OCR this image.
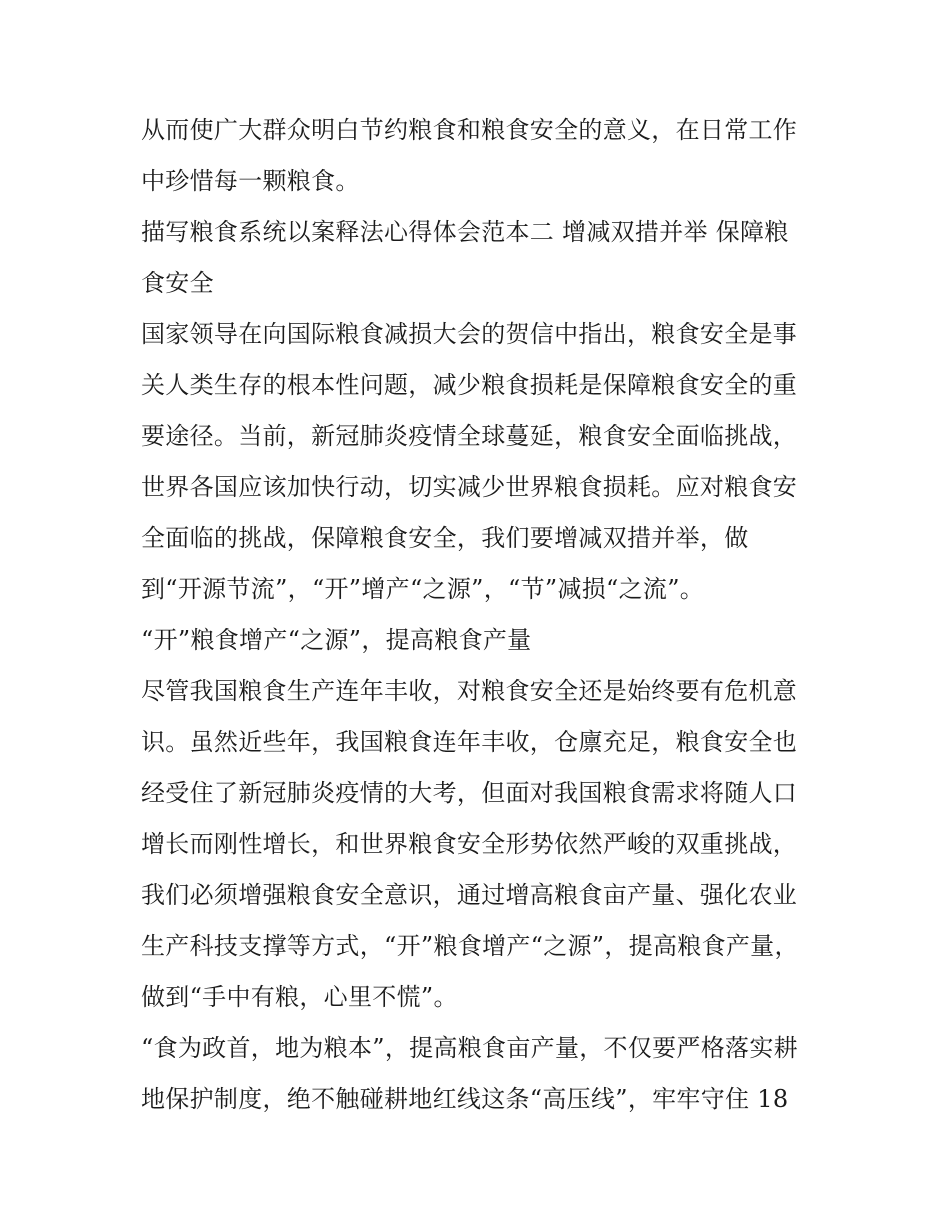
从而使广大群众明白节约粮食和粮食安全的意义，在日常工作

中珍惜每一颗粮食。

描写粮食系统以案释法心得体会范本二 增减双措并举 保障粮

食安全

国家领导在向国际粮食减损大会的贺信中指出，粮食安全是事

关人类生存的根本性问题，减少粮食损耗是保障粮食安全的重

要途径。当前，新冠肺炎疫情全球蔓延，粮食安全面临挑战，

世界各国应该加快行动，切实减少世界粮食损耗。应对粮食安

全面临的挑战，保障粮食安全，我们要增减双措并举，做

到“开源节流”，“开”增产“之源”，“节”减损“之流”。

“开”粮食增产“之源”，提高粮食产量

尽管我国粮食生产连年丰收，对粮食安全还是始终要有危机意

识。虽然近些年，我国粮食连年丰收，仓廪充足，粮食安全也

经受住了新冠肺炎疫情的大考，但面对我国粮食需求将随人口

增长而刚性增长，和世界粮食安全形势依然严峻的双重挑战，

我们必须增强粮食安全意识，通过增高粮食亩产量、强化农业

生产科技支撑等方式，“开”粮食增产“之源”，提高粮食产量，

做到“手中有粮，心里不慌”。

“食为政首，地为粮本”，提高粮食亩产量，不仅要严格落实耕

地保护制度，绝不触碰耕地红线这条“高压线”，牢牢守住 18
